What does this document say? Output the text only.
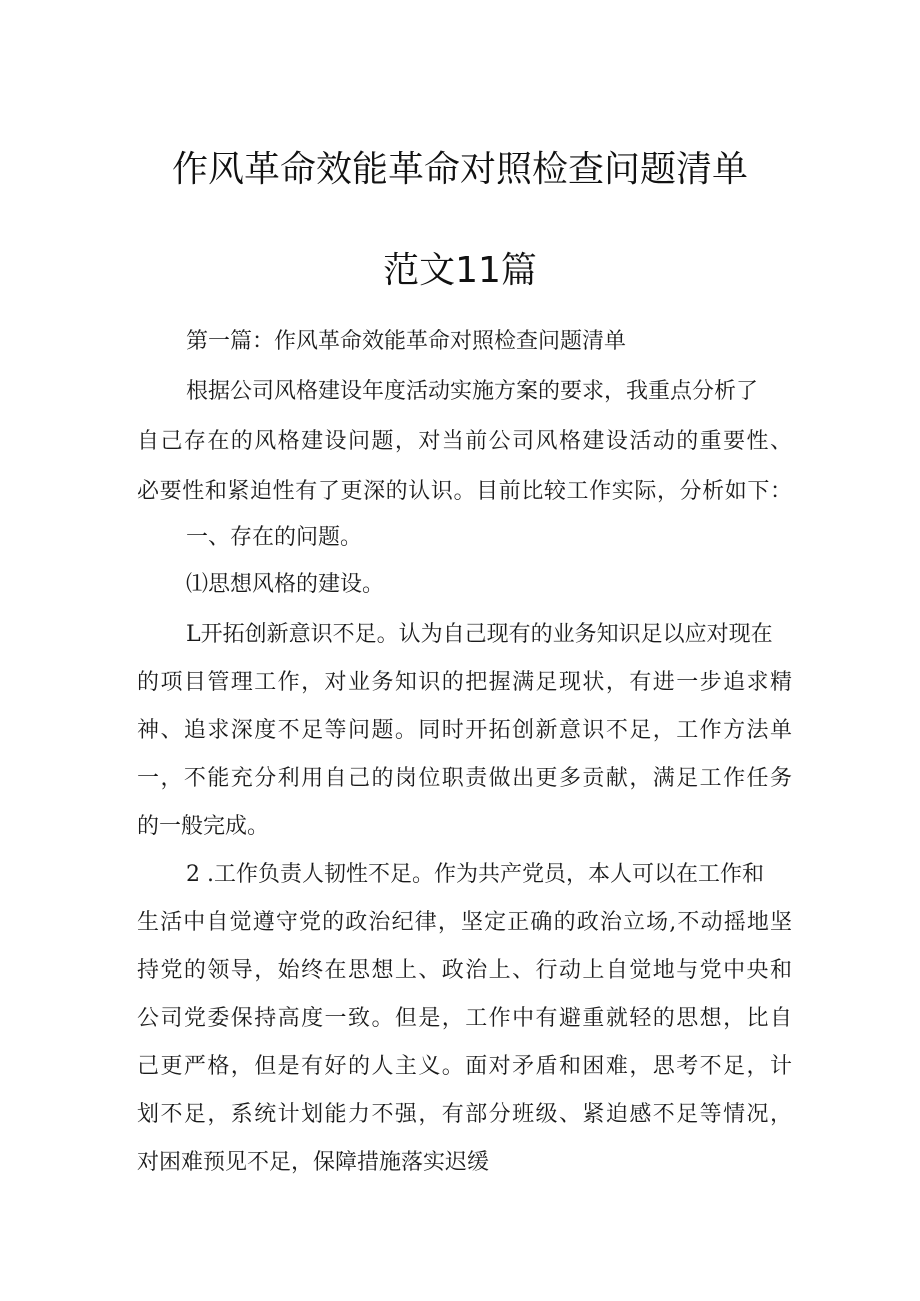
作风革命效能革命对照检查问题清单
范文11篇
第一篇：作风革命效能革命对照检查问题清单
根据公司风格建设年度活动实施方案的要求，我重点分析了
自己存在的风格建设问题，对当前公司风格建设活动的重要性、
必要性和紧迫性有了更深的认识。目前比较工作实际，分析如下：
一、存在的问题。
⑴思想风格的建设。
L开拓创新意识不足。认为自己现有的业务知识足以应对现在
的项目管理工作，对业务知识的把握满足现状，有进一步追求精
神、追求深度不足等问题。同时开拓创新意识不足，工作方法单
一，不能充分利用自己的岗位职责做出更多贡献，满足工作任务
的一般完成。
2 .工作负责人韧性不足。作为共产党员，本人可以在工作和
生活中自觉遵守党的政治纪律，坚定正确的政治立场,不动摇地坚
持党的领导，始终在思想上、政治上、行动上自觉地与党中央和
公司党委保持高度一致。但是，工作中有避重就轻的思想，比自
己更严格，但是有好的人主义。面对矛盾和困难，思考不足，计
划不足，系统计划能力不强，有部分班级、紧迫感不足等情况，
对困难预见不足，保障措施落实迟缓
